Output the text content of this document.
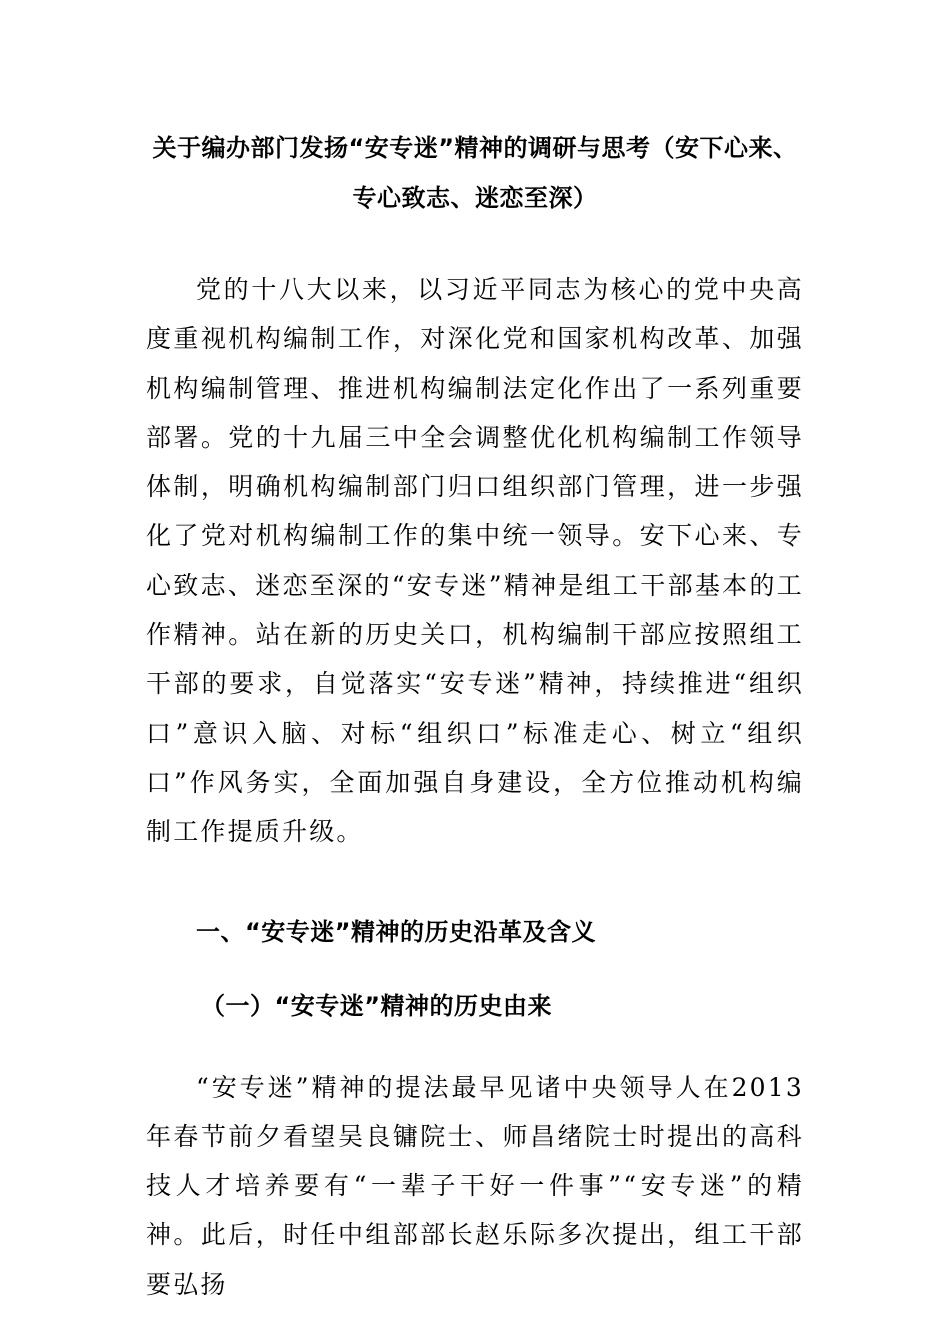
关于编办部门发扬“安专迷”精神的调研与思考（安下心来、专心致志、迷恋至深）

党的十八大以来，以习近平同志为核心的党中央高度重视机构编制工作，对深化党和国家机构改革、加强机构编制管理、推进机构编制法定化作出了一系列重要部署。党的十九届三中全会调整优化机构编制工作领导体制，明确机构编制部门归口组织部门管理，进一步强化了党对机构编制工作的集中统一领导。安下心来、专心致志、迷恋至深的“安专迷”精神是组工干部基本的工作精神。站在新的历史关口，机构编制干部应按照组工干部的要求，自觉落实“安专迷”精神，持续推进“组织口”意识入脑、对标“组织口”标准走心、树立“组织口”作风务实，全面加强自身建设，全方位推动机构编制工作提质升级。

一、“安专迷”精神的历史沿革及含义
（一）“安专迷”精神的历史由来

“安专迷”精神的提法最早见诸中央领导人在2013年春节前夕看望吴良镛院士、师昌绪院士时提出的高科技人才培养要有“一辈子干好一件事”“安专迷”的精神。此后，时任中组部部长赵乐际多次提出，组工干部要弘扬
